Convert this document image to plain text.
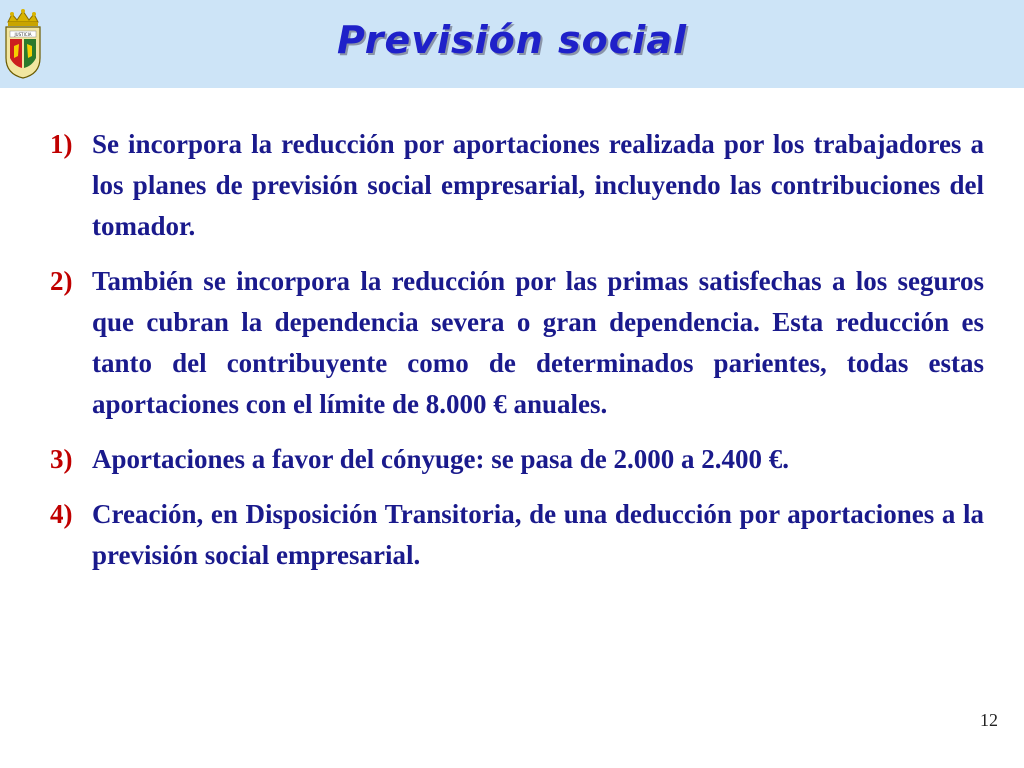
JUSTICIA	Previsión social
1) Se incorpora la reducción por aportaciones realizada por los trabajadores a los planes de previsión social empresarial, incluyendo las contribuciones del tomador.
2) También se incorpora la reducción por las primas satisfechas a los seguros que cubran la dependencia severa o gran dependencia. Esta reducción es tanto del contribuyente como de determinados parientes, todas estas aportaciones con el límite de 8.000 € anuales.
3) Aportaciones a favor del cónyuge: se pasa de 2.000 a 2.400 €.
4) Creación, en Disposición Transitoria, de una deducción por aportaciones a la previsión social empresarial.
12
